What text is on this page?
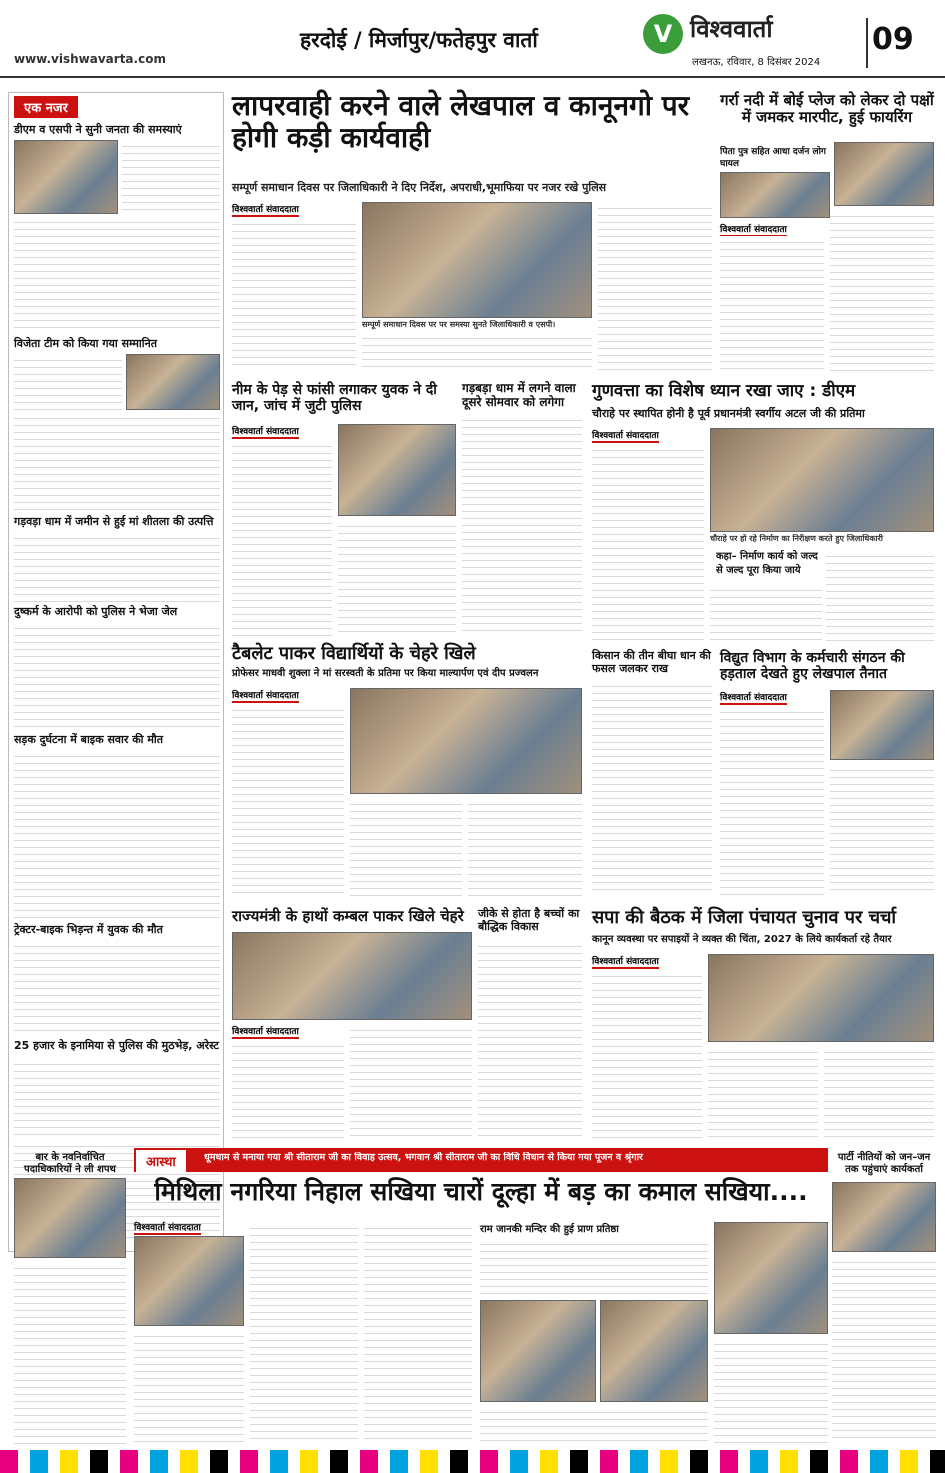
www.vishwavarta.com
हरदोई / मिर्जापुर/फतेहपुर वार्ता	V विश्ववार्ता
लखनऊ, रविवार, 8 दिसंबर 2024
09
एक नजर
डीएम व एसपी ने सुनी जनता की समस्याएं
विजेता टीम को किया गया सम्मानित
गड़वड़ा धाम में जमीन से हुई मां शीतला की उत्पत्ति
दुष्कर्म के आरोपी को पुलिस ने भेजा जेल
सड़क दुर्घटना में बाइक सवार की मौत
ट्रेक्टर-बाइक भिड़न्त में युवक की मौत
25 हजार के इनामिया से पुलिस की मुठभेड़, अरेस्ट
लापरवाही करने वाले लेखपाल व कानूनगो पर होगी कड़ी कार्यवाही
सम्पूर्ण समाधान दिवस पर जिलाधिकारी ने दिए निर्देश, अपराधी,भूमाफिया पर नजर रखे पुलिस
विश्ववार्ता संवाददाता
सम्पूर्ण समाधान दिवस पर पर समस्या सुनते जिलाधिकारी व एसपी।
गर्रा नदी में बोई प्लेज को लेकर दो पक्षों में जमकर मारपीट, हुई फायरिंग
पिता पुत्र सहित आधा दर्जन लोग घायल
विश्ववार्ता संवाददाता
नीम के पेड़ से फांसी लगाकर युवक ने दी जान, जांच में जुटी पुलिस
विश्ववार्ता संवाददाता
गड़बड़ा धाम में लगने वाला दूसरे सोमवार को लगेगा
गुणवत्ता का विशेष ध्यान रखा जाए : डीएम
चौराहे पर स्थापित होनी है पूर्व प्रधानमंत्री स्वर्गीय अटल जी की प्रतिमा
विश्ववार्ता संवाददाता
चौराहे पर हो रहे निर्माण का निरीक्षण करते हुए जिलाधिकारी
कहा– निर्माण कार्य को जल्द से जल्द पूरा किया जाये
टैबलेट पाकर विद्यार्थियों के चेहरे खिले
प्रोफेसर माधवी शुक्ला ने मां सरस्वती के प्रतिमा पर किया माल्यार्पण एवं दीप प्रज्वलन
विश्ववार्ता संवाददाता
किसान की तीन बीघा धान की फसल जलकर राख
विद्युत विभाग के कर्मचारी संगठन की हड़ताल देखते हुए लेखपाल तैनात
विश्ववार्ता संवाददाता
राज्यमंत्री के हाथों कम्बल पाकर खिले चेहरे
विश्ववार्ता संवाददाता
जीके से होता है बच्चों का बौद्धिक विकास	सपा की बैठक में जिला पंचायत चुनाव पर चर्चा
कानून व्यवस्था पर सपाइयों ने व्यक्त की चिंता, 2027 के लिये कार्यकर्ता रहे तैयार
विश्ववार्ता संवाददाता
बार के नवनिर्वाचित पदाधिकारियों ने ली शपथ	आस्था	धूमधाम से मनाया गया श्री सीताराम जी का विवाह उत्सव, भगवान श्री सीताराम जी का विधि विधान से किया गया पूजन व श्रृंगार	पार्टी नीतियों को जन–जन तक पहुंचाएं कार्यकर्ता
मिथिला नगरिया निहाल सखिया चारों दूल्हा में बड़ का कमाल सखिया....
विश्ववार्ता संवाददाता	राम जानकी मन्दिर की हुई प्राण प्रतिष्ठा
